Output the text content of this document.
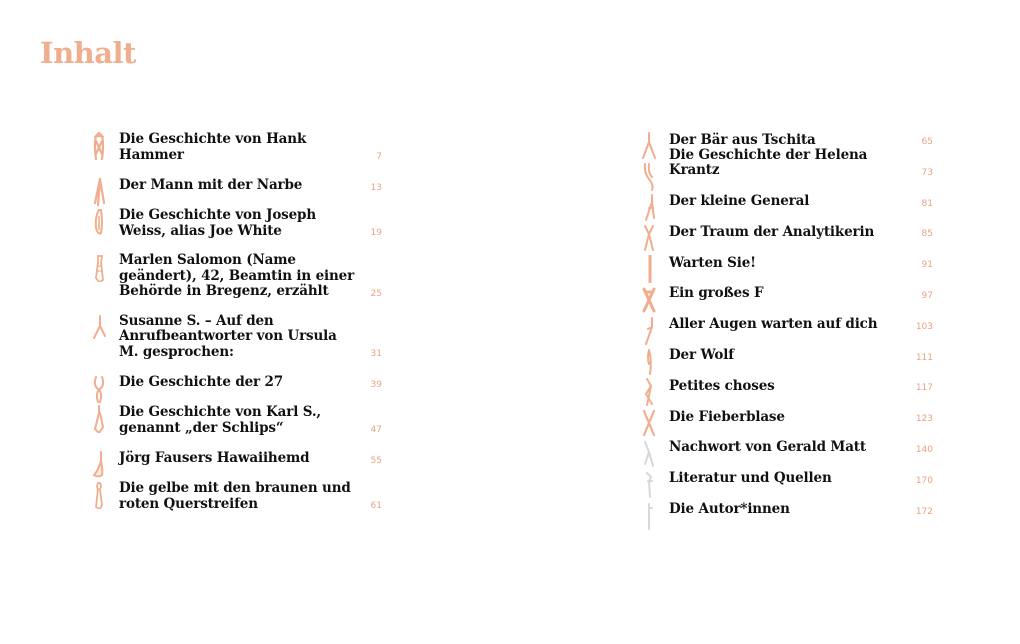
Inhalt
Die Geschichte von Hank Hammer	7
Der Mann mit der Narbe	13
Die Geschichte von Joseph Weiss, alias Joe White	19
Marlen Salomon (Name geändert), 42, Beamtin in einer Behörde in Bregenz, erzählt	25
Susanne S. – Auf den Anrufbeantworter von Ursula M. gesprochen:	31
Die Geschichte der 27	39
Die Geschichte von Karl S., genannt „der Schlips“	47
Jörg Fausers Hawaiihemd	55
Die gelbe mit den braunen und roten Querstreifen	61
Der Bär aus Tschita	65
Die Geschichte der Helena Krantz	73
Der kleine General	81
Der Traum der Analytikerin	85
Warten Sie!	91
Ein großes F	97
Aller Augen warten auf dich	103
Der Wolf	111
Petites choses	117
Die Fieberblase	123
Nachwort von Gerald Matt	140
Literatur und Quellen	170
Die Autor*innen	172
